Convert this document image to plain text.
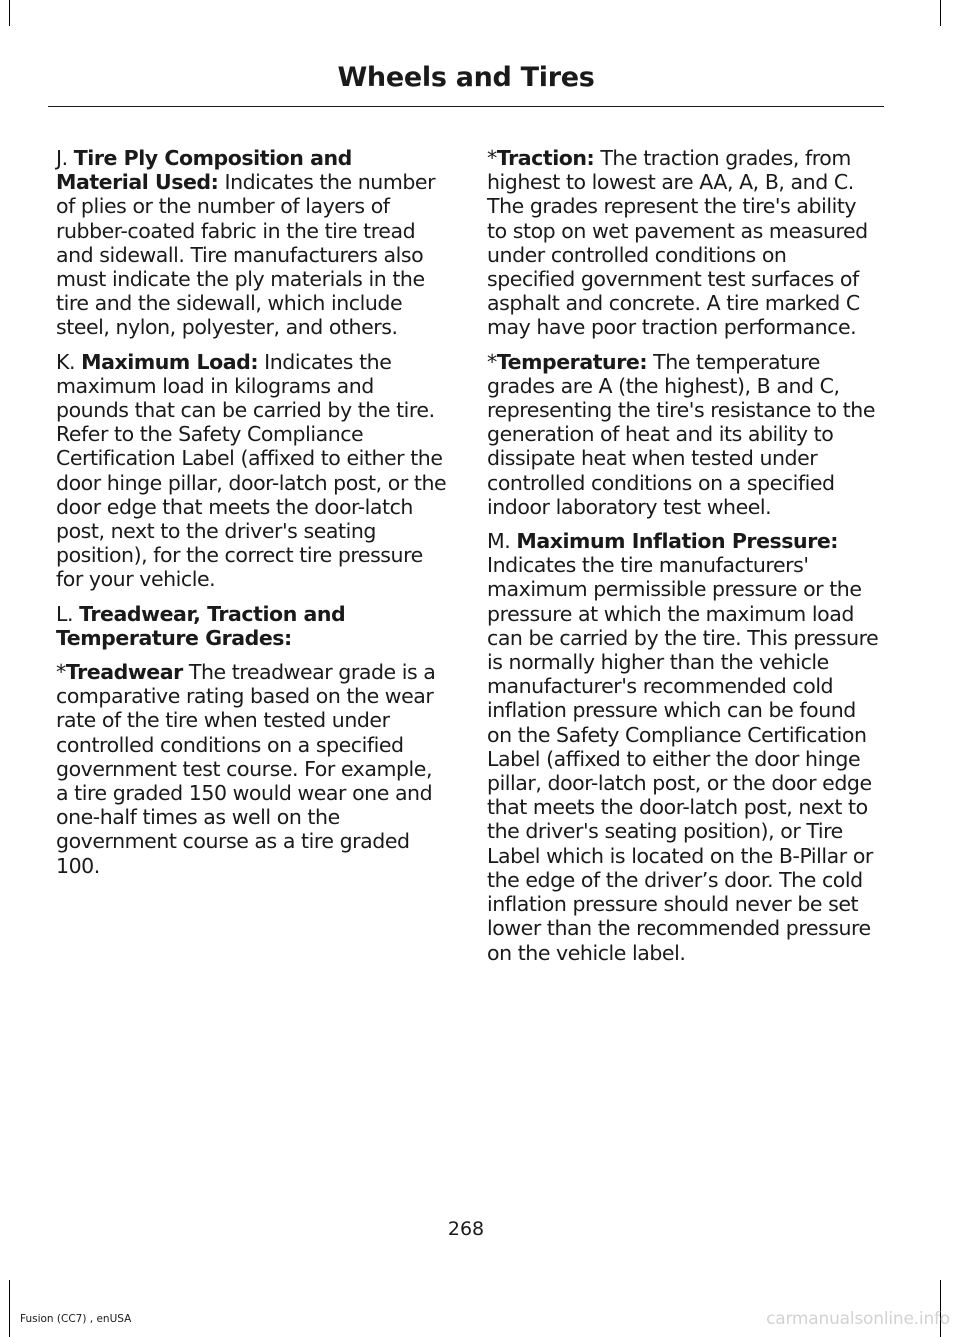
Wheels and Tires

J. Tire Ply Composition and Material Used: Indicates the number of plies or the number of layers of rubber-coated fabric in the tire tread and sidewall. Tire manufacturers also must indicate the ply materials in the tire and the sidewall, which include steel, nylon, polyester, and others.

K. Maximum Load: Indicates the maximum load in kilograms and pounds that can be carried by the tire. Refer to the Safety Compliance Certification Label (affixed to either the door hinge pillar, door-latch post, or the door edge that meets the door-latch post, next to the driver's seating position), for the correct tire pressure for your vehicle.

L. Treadwear, Traction and Temperature Grades:

*Treadwear The treadwear grade is a comparative rating based on the wear rate of the tire when tested under controlled conditions on a specified government test course. For example, a tire graded 150 would wear one and one-half times as well on the government course as a tire graded 100.

*Traction: The traction grades, from highest to lowest are AA, A, B, and C. The grades represent the tire's ability to stop on wet pavement as measured under controlled conditions on specified government test surfaces of asphalt and concrete. A tire marked C may have poor traction performance.

*Temperature: The temperature grades are A (the highest), B and C, representing the tire's resistance to the generation of heat and its ability to dissipate heat when tested under controlled conditions on a specified indoor laboratory test wheel.

M. Maximum Inflation Pressure: Indicates the tire manufacturers' maximum permissible pressure or the pressure at which the maximum load can be carried by the tire. This pressure is normally higher than the vehicle manufacturer's recommended cold inflation pressure which can be found on the Safety Compliance Certification Label (affixed to either the door hinge pillar, door-latch post, or the door edge that meets the door-latch post, next to the driver's seating position), or Tire Label which is located on the B-Pillar or the edge of the driver’s door. The cold inflation pressure should never be set lower than the recommended pressure on the vehicle label.

268
Fusion (CC7) , enUSA	carmanualsonline.info
